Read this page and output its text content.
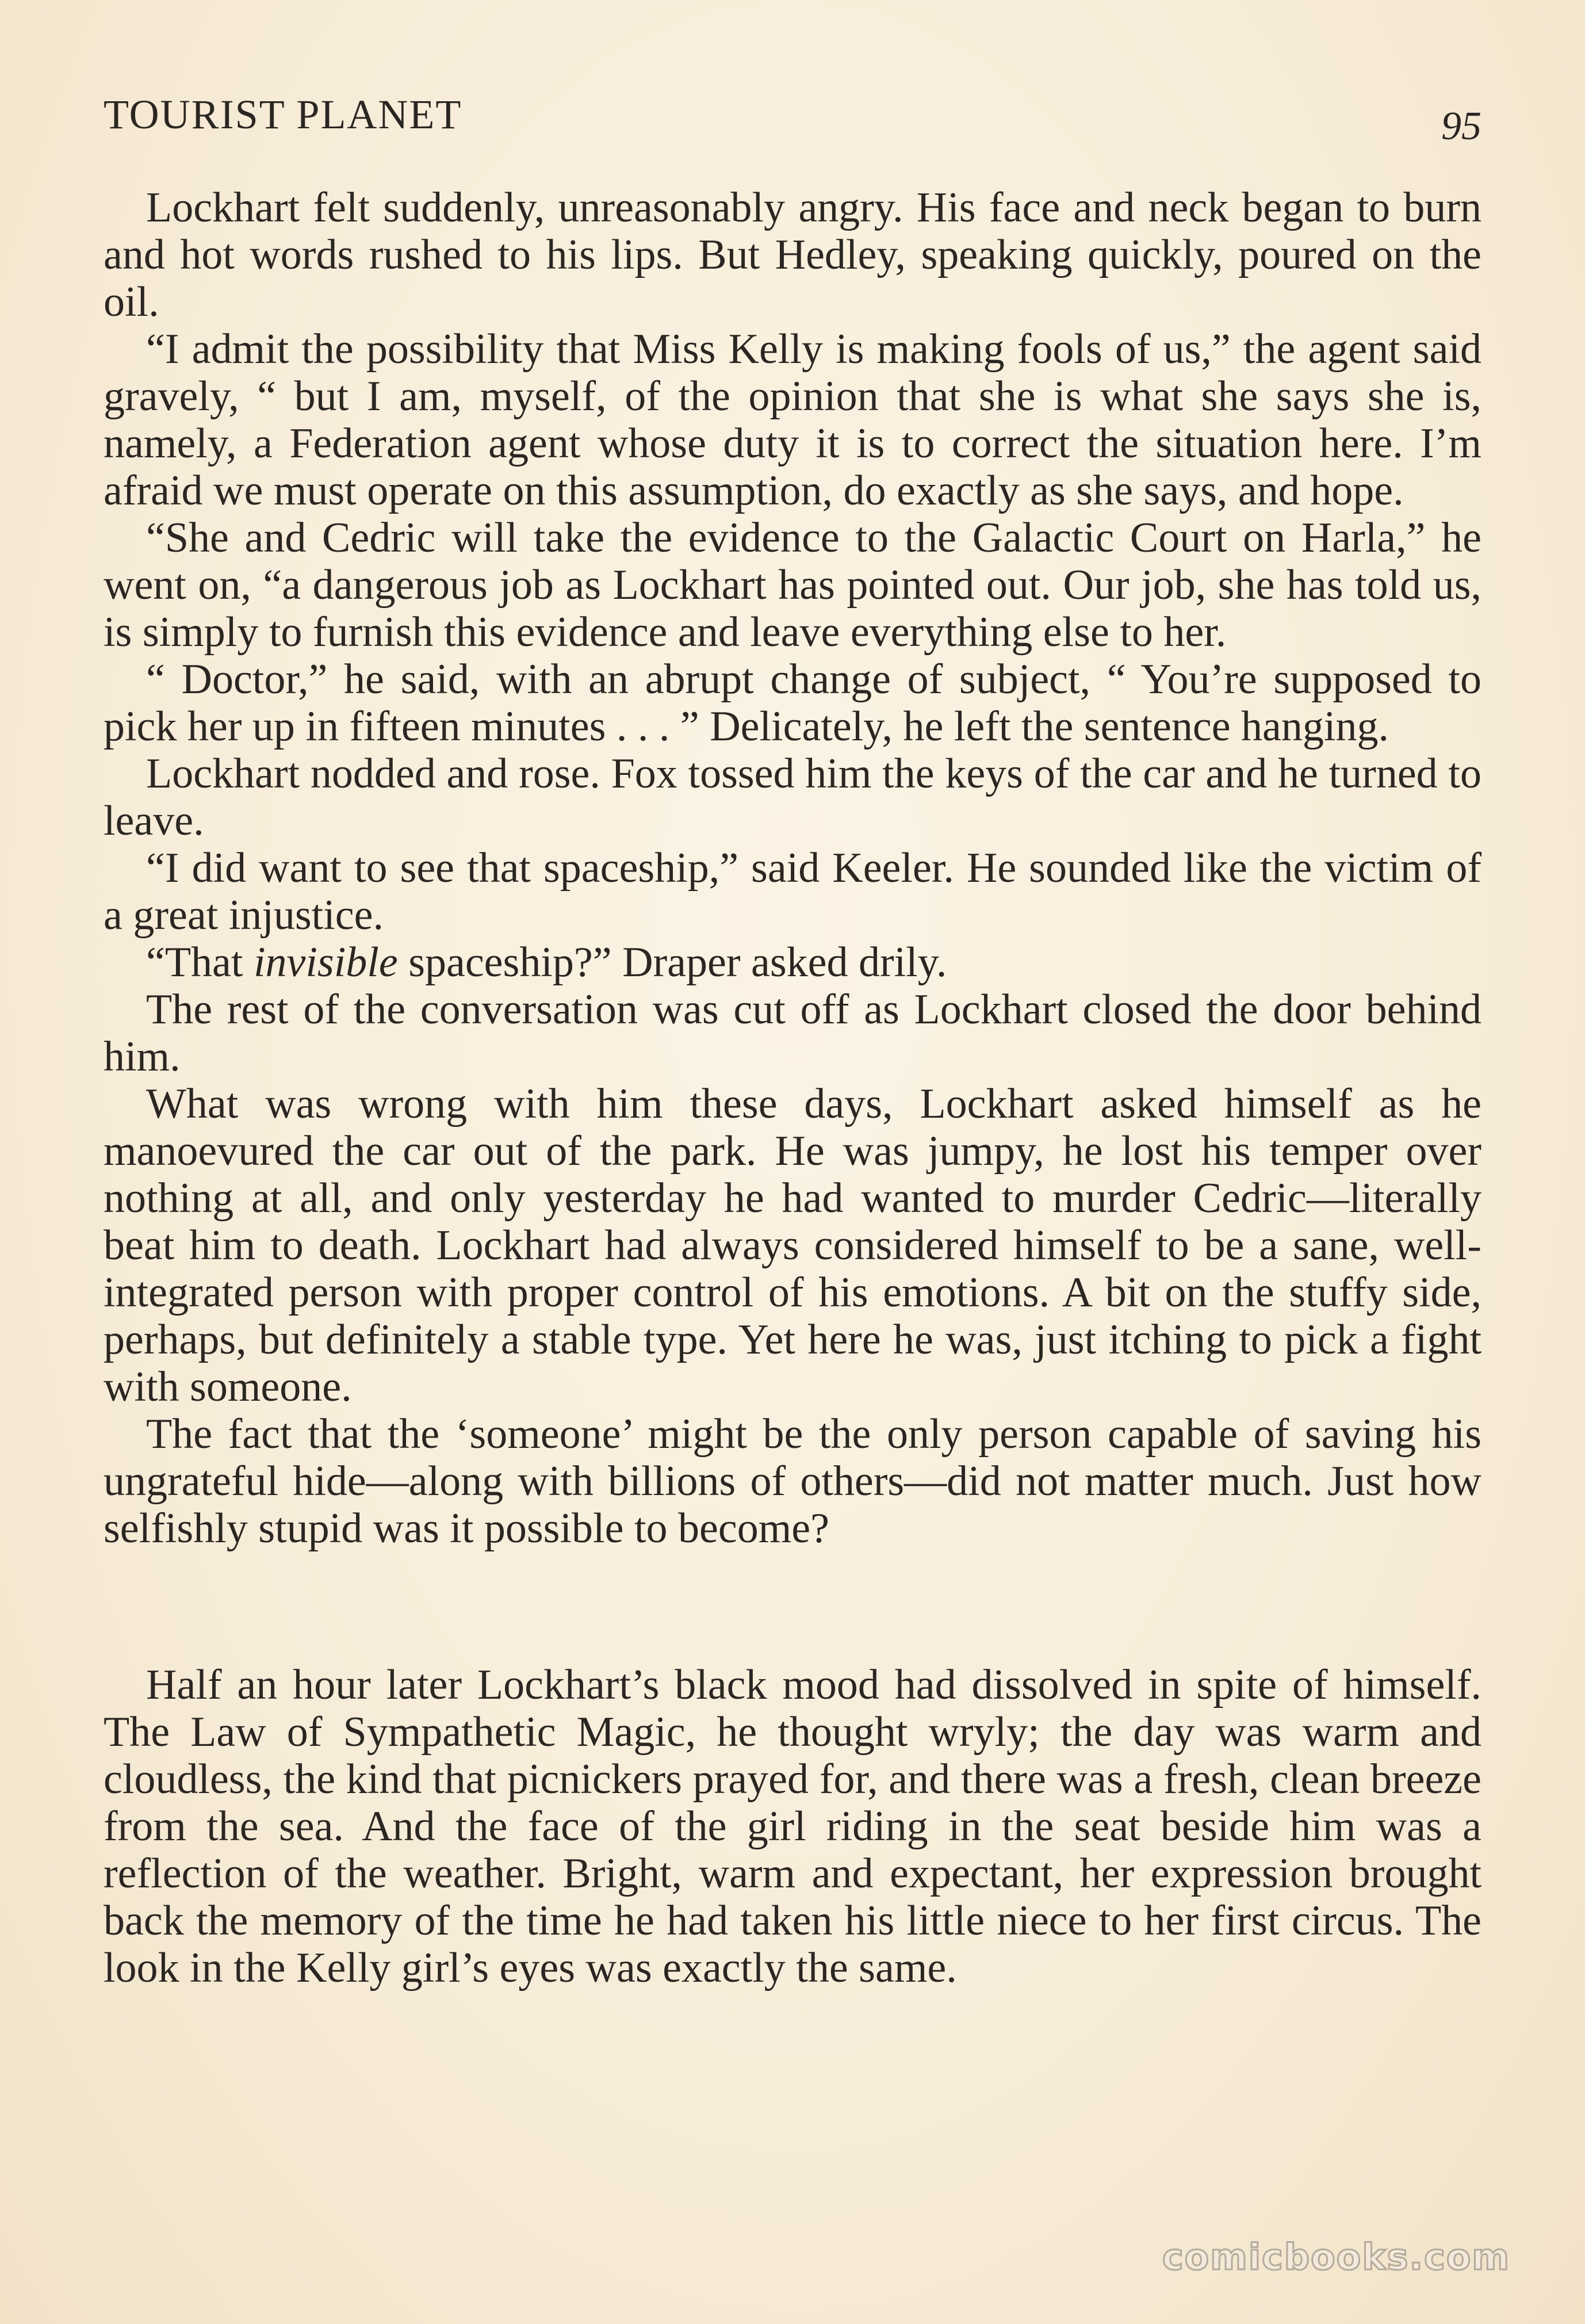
TOURIST PLANET	95

Lockhart felt suddenly, unreasonably angry. His face and neck began to burn and hot words rushed to his lips. But Hedley, speaking quickly, poured on the oil.

“I admit the possibility that Miss Kelly is making fools of us,” the agent said gravely, “ but I am, myself, of the opinion that she is what she says she is, namely, a Federation agent whose duty it is to correct the situation here. I’m afraid we must operate on this assumption, do exactly as she says, and hope.

“She and Cedric will take the evidence to the Galactic Court on Harla,” he went on, “a dangerous job as Lockhart has pointed out. Our job, she has told us, is simply to furnish this evidence and leave everything else to her.

“ Doctor,” he said, with an abrupt change of subject, “ You’re supposed to pick her up in fifteen minutes . . . ” Delicately, he left the sentence hanging.

Lockhart nodded and rose. Fox tossed him the keys of the car and he turned to leave.

“I did want to see that spaceship,” said Keeler. He sounded like the victim of a great injustice.

“That invisible spaceship?” Draper asked drily.

The rest of the conversation was cut off as Lockhart closed the door behind him.

What was wrong with him these days, Lockhart asked himself as he manoevured the car out of the park. He was jumpy, he lost his temper over nothing at all, and only yesterday he had wanted to murder Cedric—literally beat him to death. Lockhart had always considered himself to be a sane, well-integrated person with proper control of his emotions. A bit on the stuffy side, perhaps, but definitely a stable type. Yet here he was, just itching to pick a fight with someone.

The fact that the ‘someone’ might be the only person capable of saving his ungrateful hide—along with billions of others—did not matter much. Just how selfishly stupid was it possible to become?

Half an hour later Lockhart’s black mood had dissolved in spite of himself. The Law of Sympathetic Magic, he thought wryly; the day was warm and cloudless, the kind that picnickers prayed for, and there was a fresh, clean breeze from the sea. And the face of the girl riding in the seat beside him was a reflection of the weather. Bright, warm and expectant, her expression brought back the memory of the time he had taken his little niece to her first circus. The look in the Kelly girl’s eyes was exactly the same.

comicbooks.com
